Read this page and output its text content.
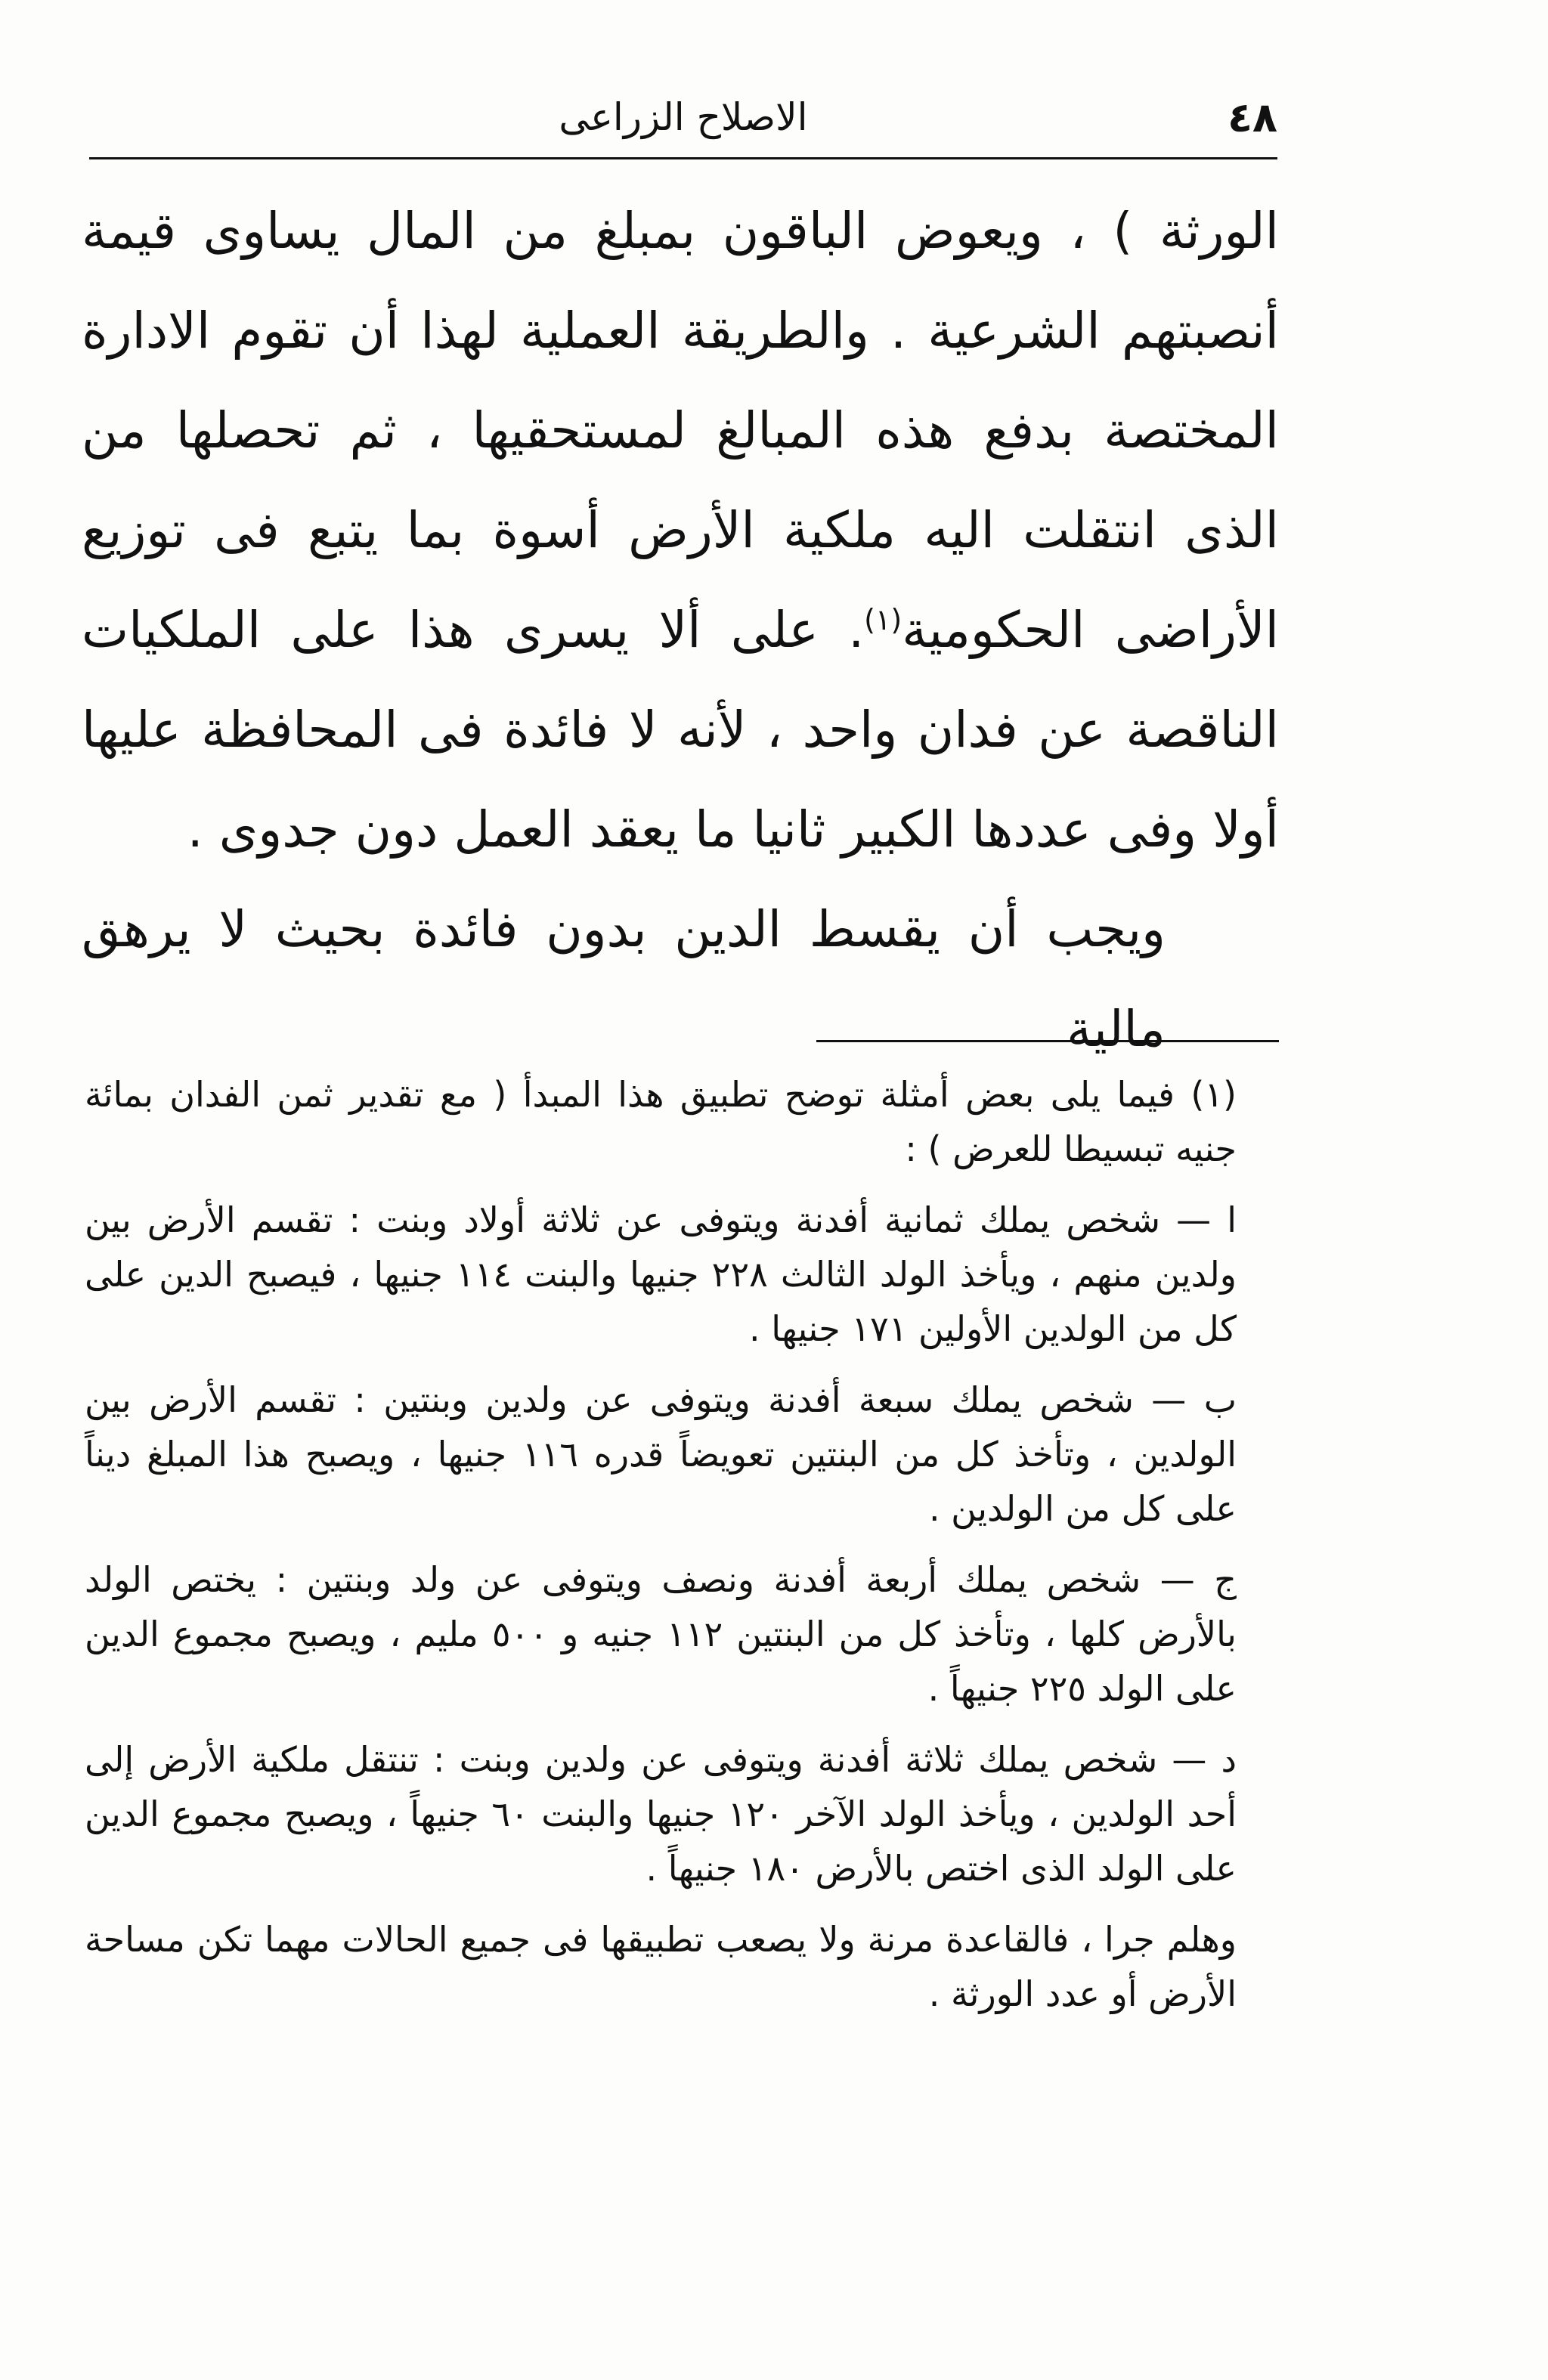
٤٨
الاصلاح الزراعى

الورثة ) ، ويعوض الباقون بمبلغ من المال يساوى قيمة أنصبتهم الشرعية . والطريقة العملية لهذا أن تقوم الادارة المختصة بدفع هذه المبالغ لمستحقيها ، ثم تحصلها من الذى انتقلت اليه ملكية الأرض أسوة بما يتبع فى توزيع الأراضى الحكومية$^{(١)}$. على ألا يسرى هذا على الملكيات الناقصة عن فدان واحد ، لأنه لا فائدة فى المحافظة عليها أولا وفى عددها الكبير ثانيا ما يعقد العمل دون جدوى .

ويجب أن يقسط الدين بدون فائدة بحيث لا يرهق مالية

(١) فيما يلى بعض أمثلة توضح تطبيق هذا المبدأ ( مع تقدير ثمن الفدان بمائة جنيه تبسيطا للعرض ) :

ا — شخص يملك ثمانية أفدنة ويتوفى عن ثلاثة أولاد وبنت : تقسم الأرض بين ولدين منهم ، ويأخذ الولد الثالث ٢٢٨ جنيها والبنت ١١٤ جنيها ، فيصبح الدين على كل من الولدين الأولين ١٧١ جنيها .

ب — شخص يملك سبعة أفدنة ويتوفى عن ولدين وبنتين : تقسم الأرض بين الولدين ، وتأخذ كل من البنتين تعويضاً قدره ١١٦ جنيها ، ويصبح هذا المبلغ ديناً على كل من الولدين .

ج — شخص يملك أربعة أفدنة ونصف ويتوفى عن ولد وبنتين : يختص الولد بالأرض كلها ، وتأخذ كل من البنتين ١١٢ جنيه و ٥٠٠ مليم ، ويصبح مجموع الدين على الولد ٢٢٥ جنيهاً .

د — شخص يملك ثلاثة أفدنة ويتوفى عن ولدين وبنت : تنتقل ملكية الأرض إلى أحد الولدين ، ويأخذ الولد الآخر ١٢٠ جنيها والبنت ٦٠ جنيهاً ، ويصبح مجموع الدين على الولد الذى اختص بالأرض ١٨٠ جنيهاً .

وهلم جرا ، فالقاعدة مرنة ولا يصعب تطبيقها فى جميع الحالات مهما تكن مساحة الأرض أو عدد الورثة .
